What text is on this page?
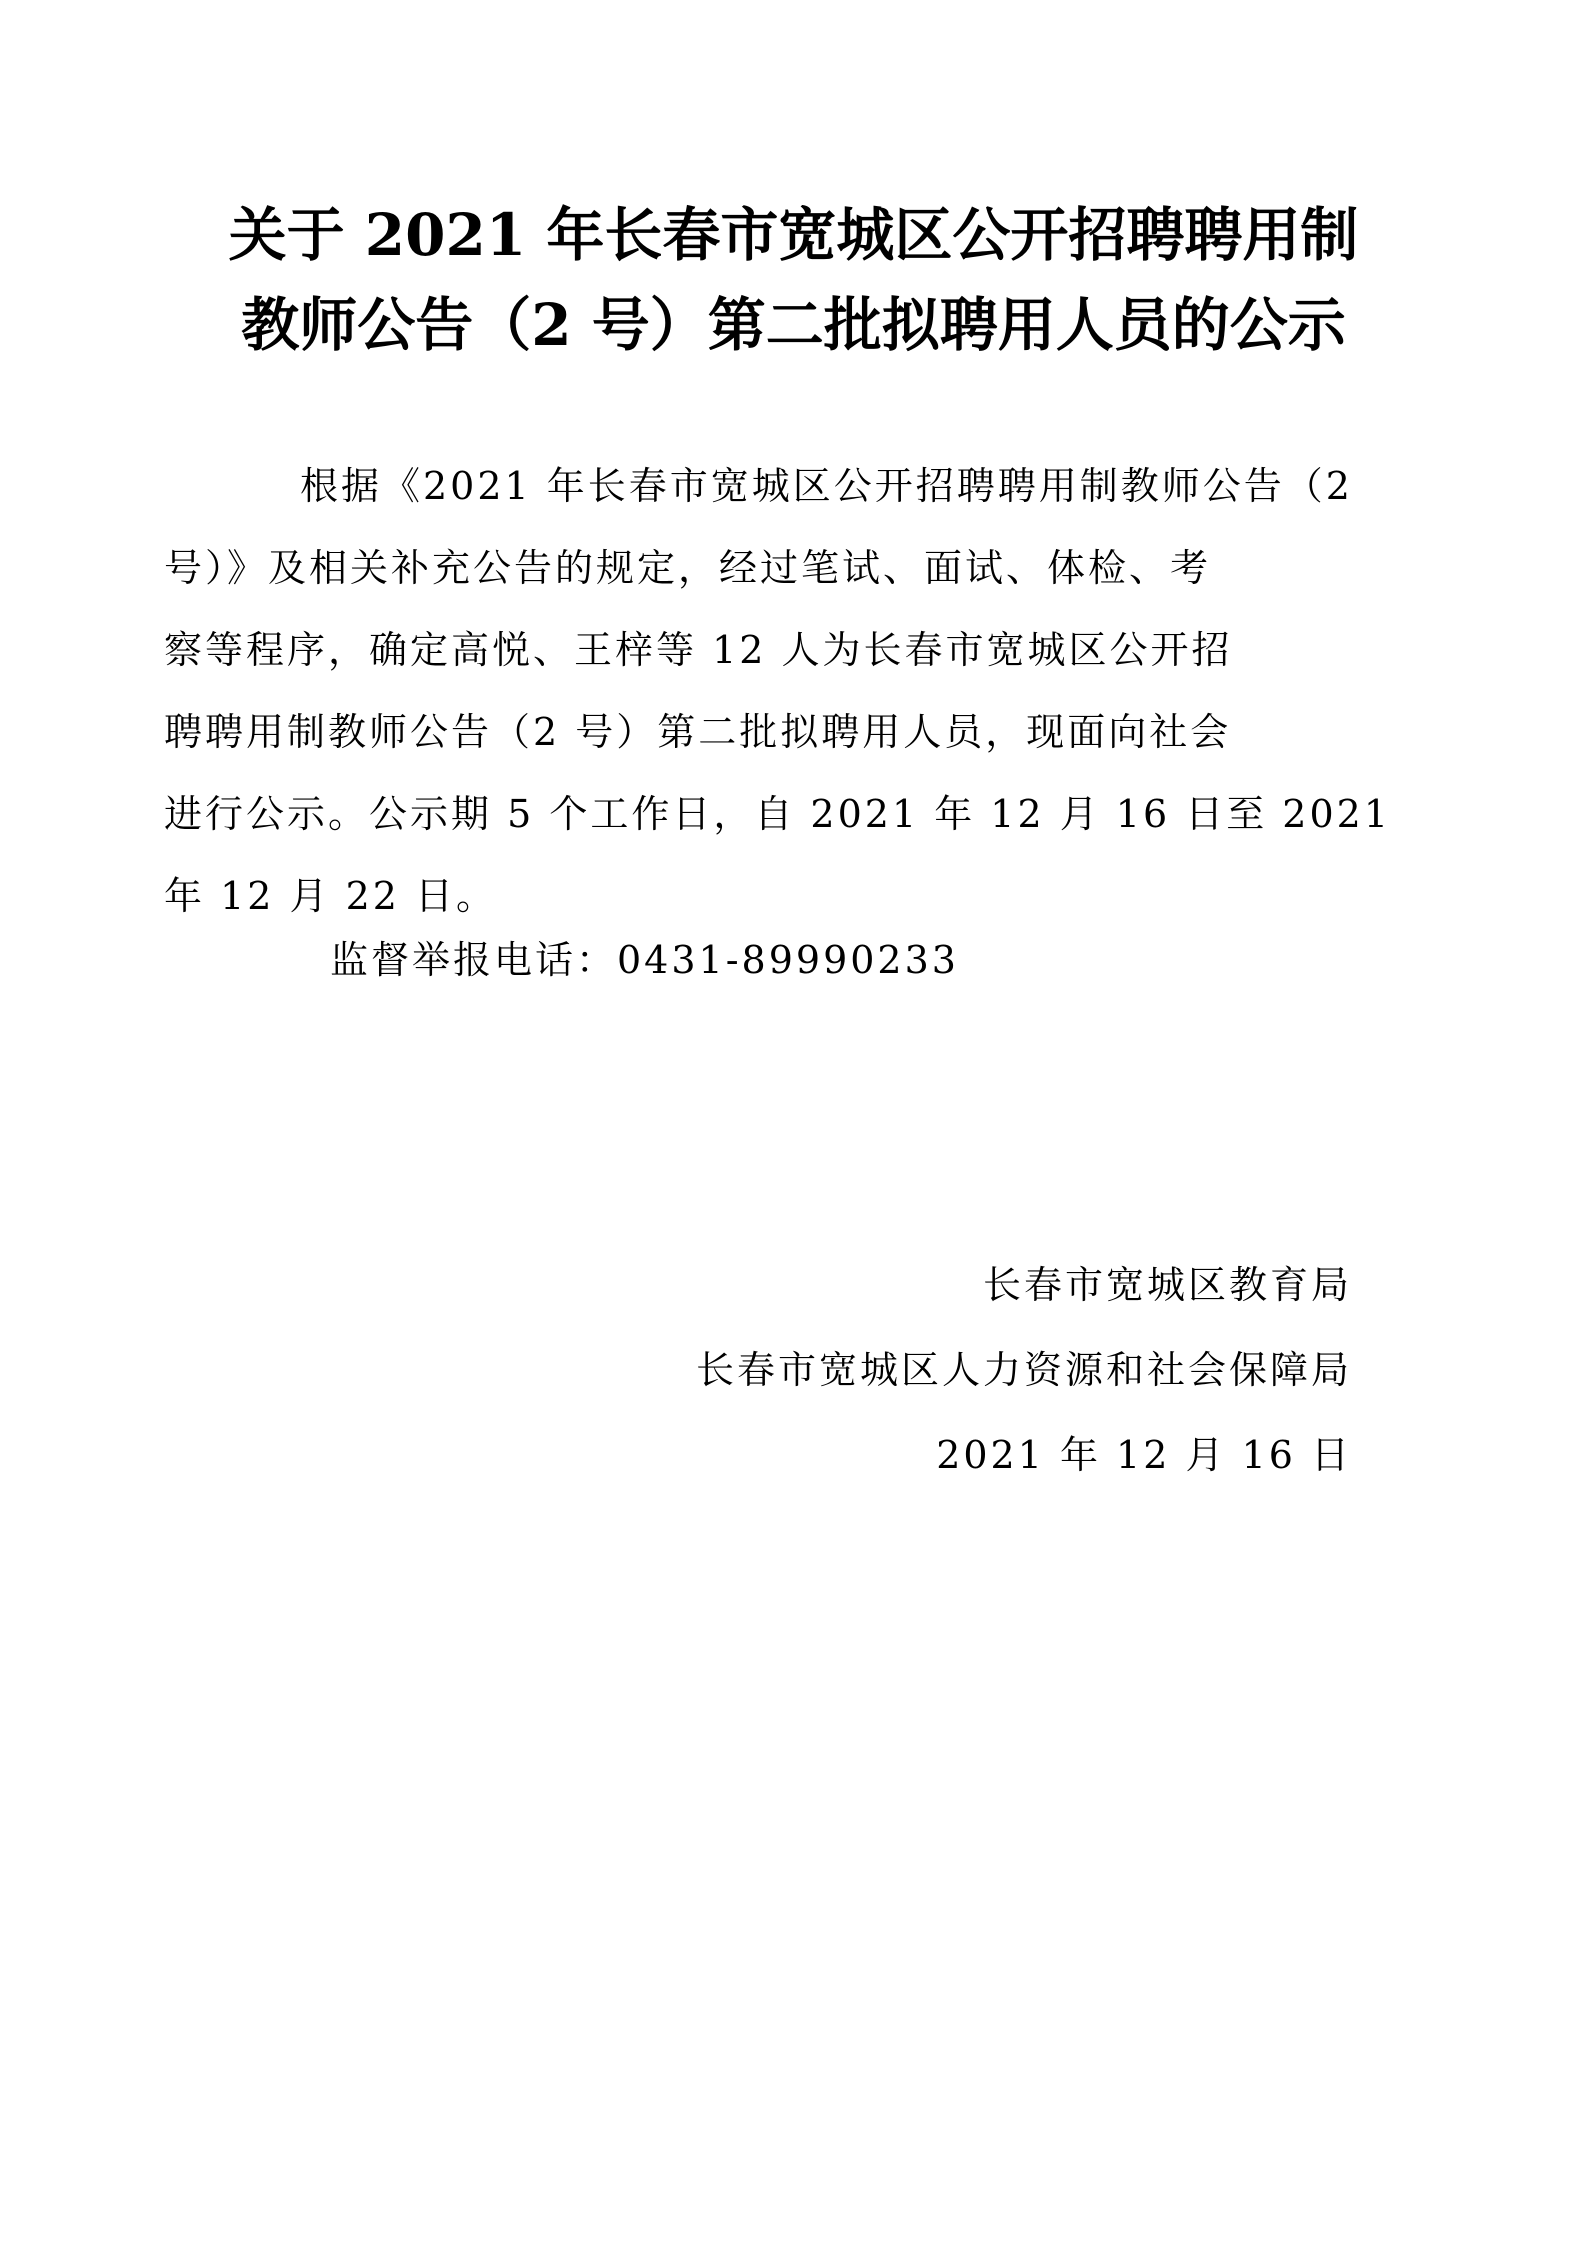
关于 2021 年长春市宽城区公开招聘聘用制
教师公告（2 号）第二批拟聘用人员的公示
根据《2021 年长春市宽城区公开招聘聘用制教师公告（2
号）》及相关补充公告的规定，经过笔试、面试、体检、考
察等程序，确定高悦、王梓等 12 人为长春市宽城区公开招
聘聘用制教师公告（2 号）第二批拟聘用人员，现面向社会
进行公示。公示期 5 个工作日，自 2021 年 12 月 16 日至 2021
年 12 月 22 日。
监督举报电话：0431-89990233
长春市宽城区教育局
长春市宽城区人力资源和社会保障局
2021 年 12 月 16 日
